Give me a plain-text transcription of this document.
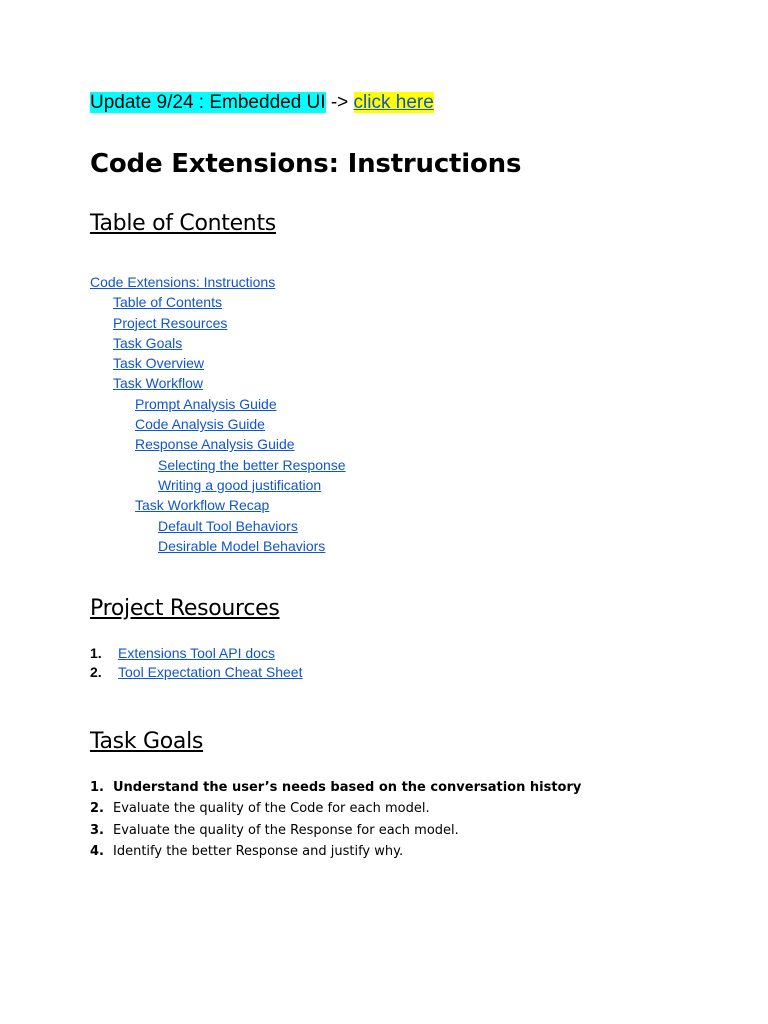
Update 9/24 : Embedded UI -> click here
Code Extensions: Instructions
Table of Contents
Code Extensions: Instructions
Table of Contents
Project Resources
Task Goals
Task Overview
Task Workflow
Prompt Analysis Guide
Code Analysis Guide
Response Analysis Guide
Selecting the better Response
Writing a good justification
Task Workflow Recap
Default Tool Behaviors
Desirable Model Behaviors
Project Resources
1. Extensions Tool API docs
2. Tool Expectation Cheat Sheet
Task Goals
1. Understand the user’s needs based on the conversation history
2. Evaluate the quality of the Code for each model.
3. Evaluate the quality of the Response for each model.
4. Identify the better Response and justify why.
